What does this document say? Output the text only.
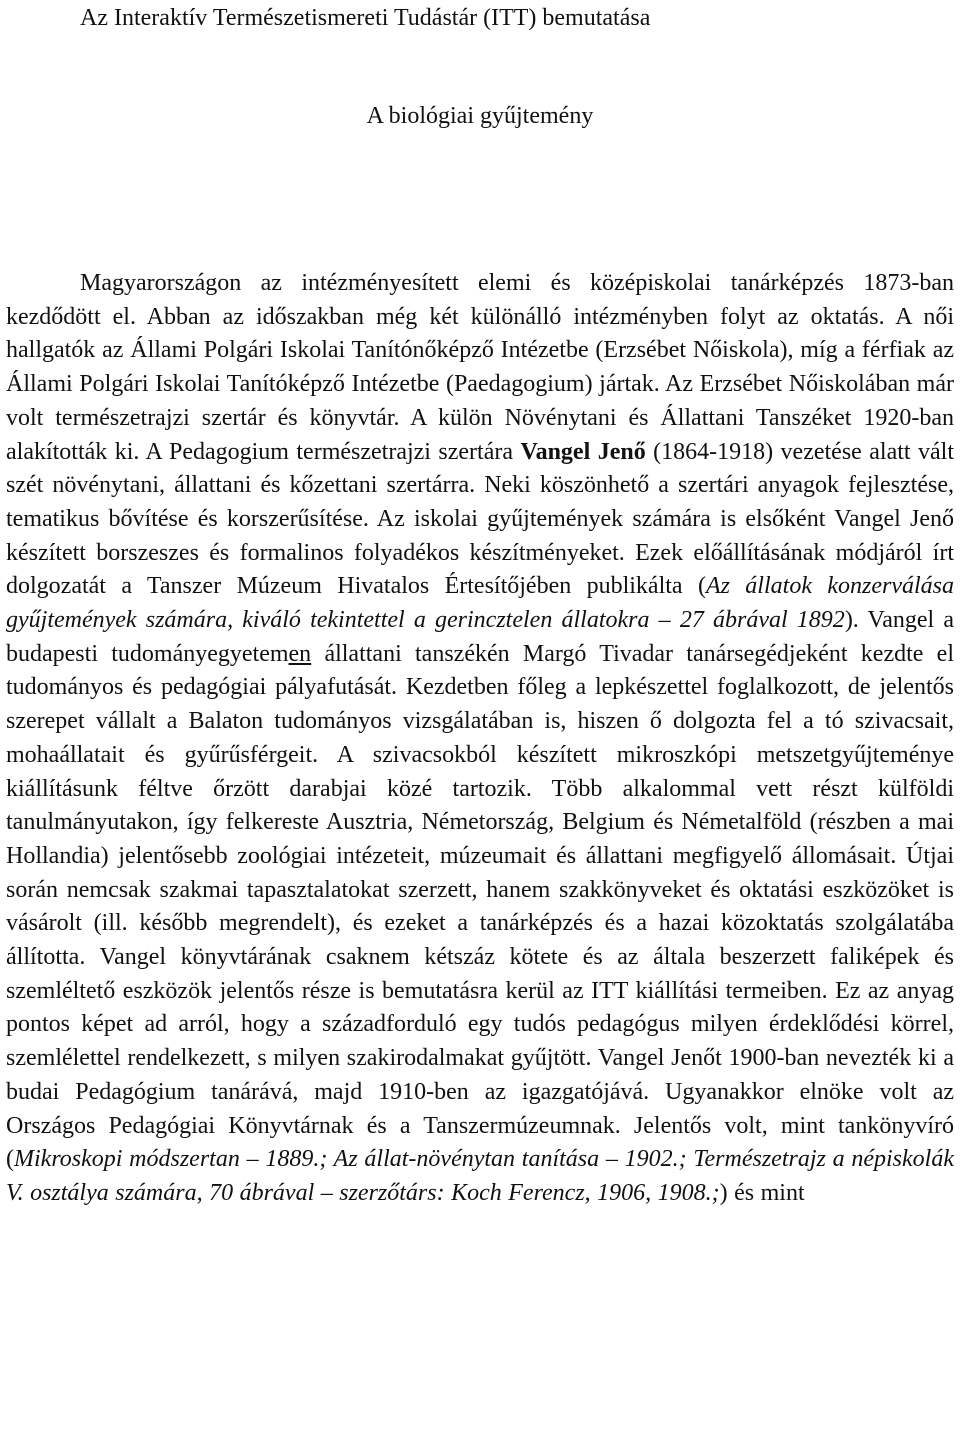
Az Interaktív Természetismereti Tudástár (ITT) bemutatása
A biológiai gyűjtemény

Magyarországon az intézményesített elemi és középiskolai tanárképzés 1873-ban kezdődött el. Abban az időszakban még két különálló intézményben folyt az oktatás. A női hallgatók az Állami Polgári Iskolai Tanítónőképző Intézetbe (Erzsébet Nőiskola), míg a férfiak az Állami Polgári Iskolai Tanítóképző Intézetbe (Paedagogium) jártak. Az Erzsébet Nőiskolában már volt természetrajzi szertár és könyvtár. A külön Növénytani és Állattani Tanszéket 1920-ban alakították ki. A Pedagogium természetrajzi szertára Vangel Jenő (1864-1918) vezetése alatt vált szét növénytani, állattani és kőzettani szertárra. Neki köszönhető a szertári anyagok fejlesztése, tematikus bővítése és korszerűsítése. Az iskolai gyűjtemények számára is elsőként Vangel Jenő készített borszeszes és formalinos folyadékos készítményeket. Ezek előállításának módjáról írt dolgozatát a Tanszer Múzeum Hivatalos Értesítőjében publikálta (Az állatok konzerválása gyűjtemények számára, kiváló tekintettel a gerincztelen állatokra – 27 ábrával 1892). Vangel a budapesti tudományegyetemen állattani tanszékén Margó Tivadar tanársegédjeként kezdte el tudományos és pedagógiai pályafutását. Kezdetben főleg a lepkészettel foglalkozott, de jelentős szerepet vállalt a Balaton tudományos vizsgálatában is, hiszen ő dolgozta fel a tó szivacsait, mohaállatait és gyűrűsférgeit. A szivacsokból készített mikroszkópi metszetgyűjteménye kiállításunk féltve őrzött darabjai közé tartozik. Több alkalommal vett részt külföldi tanulmányutakon, így felkereste Ausztria, Németország, Belgium és Németalföld (részben a mai Hollandia) jelentősebb zoológiai intézeteit, múzeumait és állattani megfigyelő állomásait. Útjai során nemcsak szakmai tapasztalatokat szerzett, hanem szakkönyveket és oktatási eszközöket is vásárolt (ill. később megrendelt), és ezeket a tanárképzés és a hazai közoktatás szolgálatába állította. Vangel könyvtárának csaknem kétszáz kötete és az általa beszerzett faliképek és szemléltető eszközök jelentős része is bemutatásra kerül az ITT kiállítási termeiben. Ez az anyag pontos képet ad arról, hogy a századforduló egy tudós pedagógus milyen érdeklődési körrel, szemlélettel rendelkezett, s milyen szakirodalmakat gyűjtött. Vangel Jenőt 1900-ban nevezték ki a budai Pedagógium tanárává, majd 1910-ben az igazgatójává. Ugyanakkor elnöke volt az Országos Pedagógiai Könyvtárnak és a Tanszermúzeumnak. Jelentős volt, mint tankönyvíró (Mikroskopi módszertan – 1889.; Az állat-növénytan tanítása – 1902.; Természetrajz a népiskolák V. osztálya számára, 70 ábrával – szerzőtárs: Koch Ferencz, 1906, 1908.;) és mint
